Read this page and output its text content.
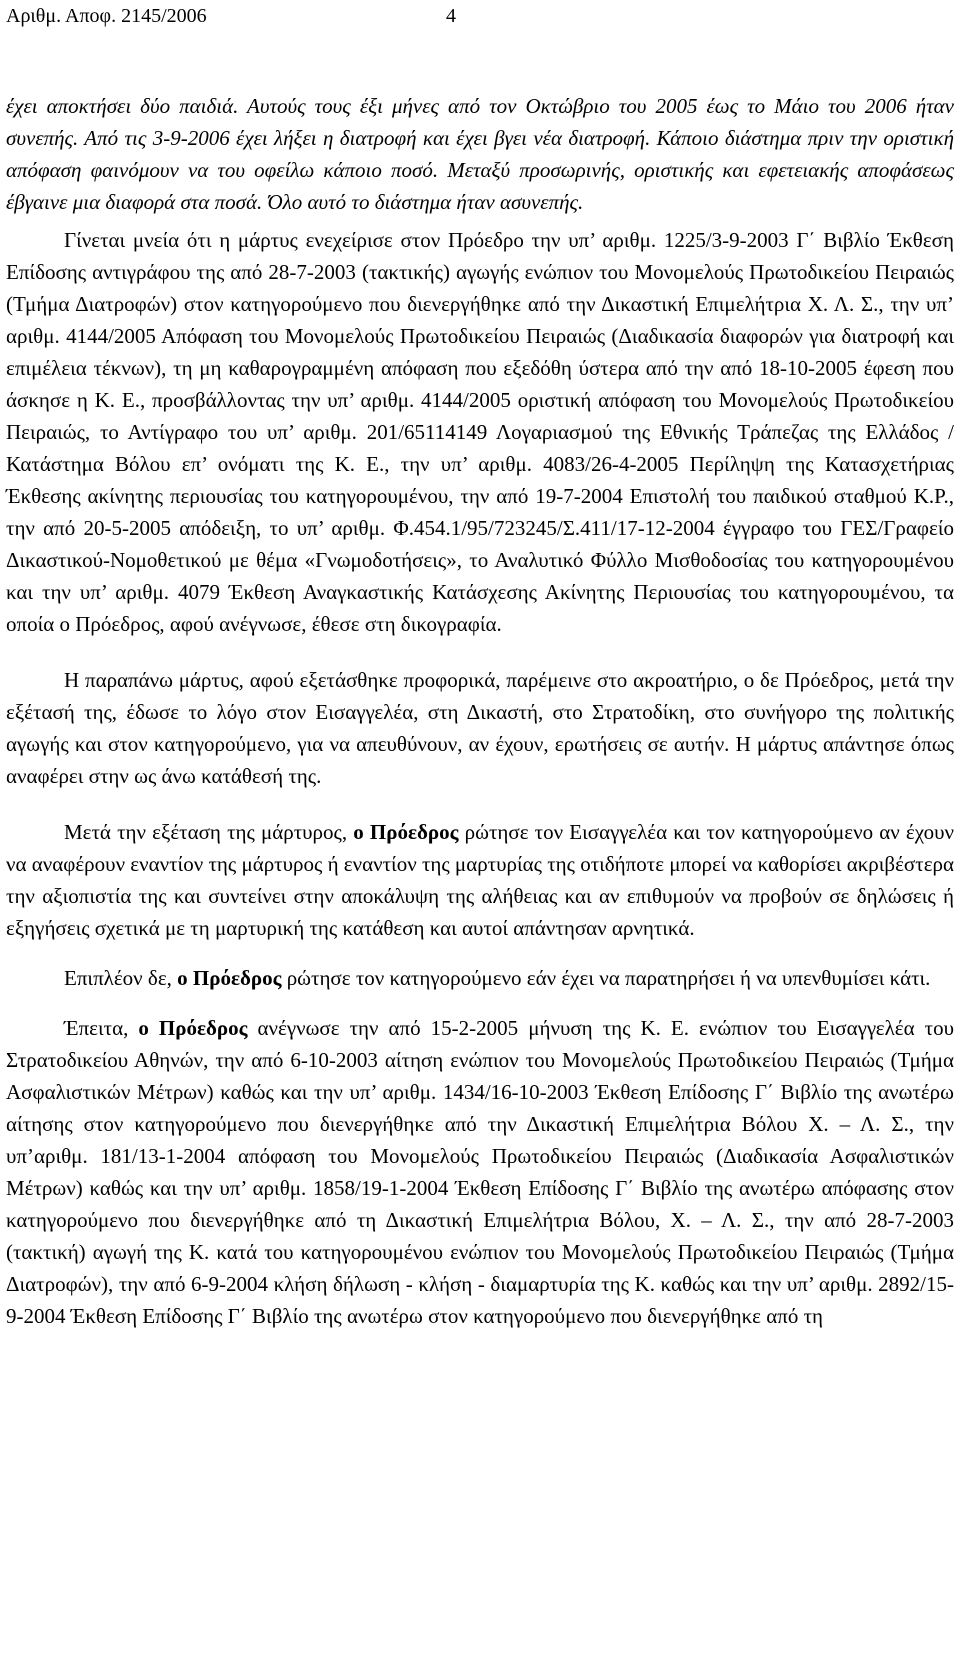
Αριθμ. Αποφ. 2145/2006	4

έχει αποκτήσει δύο παιδιά. Αυτούς τους έξι μήνες από τον Οκτώβριο του 2005 έως το Μάιο του 2006 ήταν συνεπής. Από τις 3-9-2006 έχει λήξει η διατροφή και έχει βγει νέα διατροφή. Κάποιο διάστημα πριν την οριστική απόφαση φαινόμουν να του οφείλω κάποιο ποσό. Μεταξύ προσωρινής, οριστικής και εφετειακής αποφάσεως έβγαινε μια διαφορά στα ποσά. Όλο αυτό το διάστημα ήταν ασυνεπής.

Γίνεται μνεία ότι η μάρτυς ενεχείρισε στον Πρόεδρο την υπ’ αριθμ. 1225/3-9-2003 Γ΄ Βιβλίο Έκθεση Επίδοσης αντιγράφου της από 28-7-2003 (τακτικής) αγωγής ενώπιον του Μονομελούς Πρωτοδικείου Πειραιώς (Τμήμα Διατροφών) στον κατηγορούμενο που διενεργήθηκε από την Δικαστική Επιμελήτρια Χ. Λ. Σ., την υπ’ αριθμ. 4144/2005 Απόφαση του Μονομελούς Πρωτοδικείου Πειραιώς (Διαδικασία διαφορών για διατροφή και επιμέλεια τέκνων), τη μη καθαρογραμμένη απόφαση που εξεδόθη ύστερα από την από 18-10-2005 έφεση που άσκησε η Κ. Ε., προσβάλλοντας την υπ’ αριθμ. 4144/2005 οριστική απόφαση του Μονομελούς Πρωτοδικείου Πειραιώς, το Αντίγραφο του υπ’ αριθμ. 201/65114149 Λογαριασμού της Εθνικής Τράπεζας της Ελλάδος / Κατάστημα Βόλου επ’ ονόματι της Κ. Ε., την υπ’ αριθμ. 4083/26-4-2005 Περίληψη της Κατασχετήριας Έκθεσης ακίνητης περιουσίας του κατηγορουμένου, την από 19-7-2004 Επιστολή του παιδικού σταθμού Κ.Ρ., την από 20-5-2005 απόδειξη, το υπ’ αριθμ. Φ.454.1/95/723245/Σ.411/17-12-2004 έγγραφο του ΓΕΣ/Γραφείο Δικαστικού-Νομοθετικού με θέμα «Γνωμοδοτήσεις», το Αναλυτικό Φύλλο Μισθοδοσίας του κατηγορουμένου και την υπ’ αριθμ. 4079 Έκθεση Αναγκαστικής Κατάσχεσης Ακίνητης Περιουσίας του κατηγορουμένου, τα οποία ο Πρόεδρος, αφού ανέγνωσε, έθεσε στη δικογραφία.

Η παραπάνω μάρτυς, αφού εξετάσθηκε προφορικά, παρέμεινε στο ακροατήριο, ο δε Πρόεδρος, μετά την εξέτασή της, έδωσε το λόγο στον Εισαγγελέα, στη Δικαστή, στο Στρατοδίκη, στο συνήγορο της πολιτικής αγωγής και στον κατηγορούμενο, για να απευθύνουν, αν έχουν, ερωτήσεις σε αυτήν. Η μάρτυς απάντησε όπως αναφέρει στην ως άνω κατάθεσή της.

Μετά την εξέταση της μάρτυρος, ο Πρόεδρος ρώτησε τον Εισαγγελέα και τον κατηγορούμενο αν έχουν να αναφέρουν εναντίον της μάρτυρος ή εναντίον της μαρτυρίας της οτιδήποτε μπορεί να καθορίσει ακριβέστερα την αξιοπιστία της και συντείνει στην αποκάλυψη της αλήθειας και αν επιθυμούν να προβούν σε δηλώσεις ή εξηγήσεις σχετικά με τη μαρτυρική της κατάθεση και αυτοί απάντησαν αρνητικά.

Επιπλέον δε, ο Πρόεδρος ρώτησε τον κατηγορούμενο εάν έχει να παρατηρήσει ή να υπενθυμίσει κάτι.

Έπειτα, ο Πρόεδρος ανέγνωσε την από 15-2-2005 μήνυση της Κ. Ε. ενώπιον του Εισαγγελέα του Στρατοδικείου Αθηνών, την από 6-10-2003 αίτηση ενώπιον του Μονομελούς Πρωτοδικείου Πειραιώς (Τμήμα Ασφαλιστικών Μέτρων) καθώς και την υπ’ αριθμ. 1434/16-10-2003 Έκθεση Επίδοσης Γ΄ Βιβλίο της ανωτέρω αίτησης στον κατηγορούμενο που διενεργήθηκε από την Δικαστική Επιμελήτρια Βόλου Χ. – Λ. Σ., την υπ’αριθμ. 181/13-1-2004 απόφαση του Μονομελούς Πρωτοδικείου Πειραιώς (Διαδικασία Ασφαλιστικών Μέτρων) καθώς και την υπ’ αριθμ. 1858/19-1-2004 Έκθεση Επίδοσης Γ΄ Βιβλίο της ανωτέρω απόφασης στον κατηγορούμενο που διενεργήθηκε από τη Δικαστική Επιμελήτρια Βόλου, Χ. – Λ. Σ., την από 28-7-2003 (τακτική) αγωγή της Κ. κατά του κατηγορουμένου ενώπιον του Μονομελούς Πρωτοδικείου Πειραιώς (Τμήμα Διατροφών), την από 6-9-2004 κλήση δήλωση - κλήση - διαμαρτυρία της Κ. καθώς και την υπ’ αριθμ. 2892/15-9-2004 Έκθεση Επίδοσης Γ΄ Βιβλίο της ανωτέρω στον κατηγορούμενο που διενεργήθηκε από τη
